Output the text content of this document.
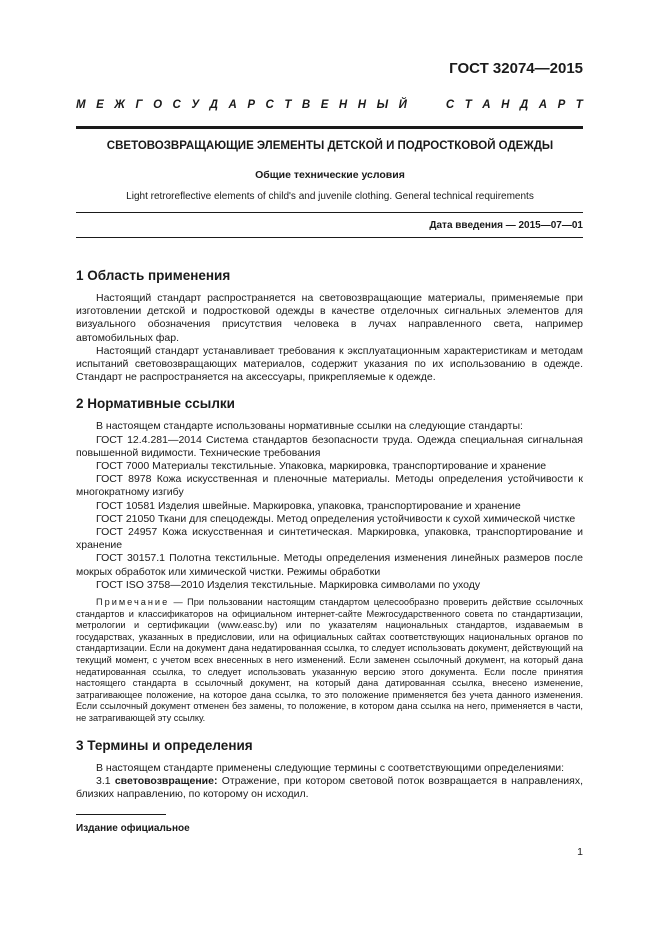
ГОСТ 32074—2015
М Е Ж Г О С У Д А Р С Т В Е Н Н Ы Й	С Т А Н Д А Р Т
СВЕТОВОЗВРАЩАЮЩИЕ ЭЛЕМЕНТЫ ДЕТСКОЙ И ПОДРОСТКОВОЙ ОДЕЖДЫ
Общие технические условия
Light retroreflective elements of child's and juvenile clothing. General technical requirements
Дата введения — 2015—07—01
1 Область применения

Настоящий стандарт распространяется на световозвращающие материалы, применяемые при изготовлении детской и подростковой одежды в качестве отделочных сигнальных элементов для визуального обозначения присутствия человека в лучах направленного света, например автомобильных фар.

Настоящий стандарт устанавливает требования к эксплуатационным характеристикам и методам испытаний световозвращающих материалов, содержит указания по их использованию в одежде. Стандарт не распространяется на аксессуары, прикрепляемые к одежде.

2 Нормативные ссылки

В настоящем стандарте использованы нормативные ссылки на следующие стандарты:

ГОСТ 12.4.281—2014 Система стандартов безопасности труда. Одежда специальная сигнальная повышенной видимости. Технические требования

ГОСТ 7000 Материалы текстильные. Упаковка, маркировка, транспортирование и хранение

ГОСТ 8978 Кожа искусственная и пленочные материалы. Методы определения устойчивости к многократному изгибу

ГОСТ 10581 Изделия швейные. Маркировка, упаковка, транспортирование и хранение

ГОСТ 21050 Ткани для спецодежды. Метод определения устойчивости к сухой химической чистке

ГОСТ 24957 Кожа искусственная и синтетическая. Маркировка, упаковка, транспортирование и хранение

ГОСТ 30157.1 Полотна текстильные. Методы определения изменения линейных размеров после мокрых обработок или химической чистки. Режимы обработки

ГОСТ ISO 3758—2010 Изделия текстильные. Маркировка символами по уходу

Примечание — При пользовании настоящим стандартом целесообразно проверить действие ссылочных стандартов и классификаторов на официальном интернет-сайте Межгосударственного совета по стандартизации, метрологии и сертификации (www.easc.by) или по указателям национальных стандартов, издаваемым в государствах, указанных в предисловии, или на официальных сайтах соответствующих национальных органов по стандартизации. Если на документ дана недатированная ссылка, то следует использовать документ, действующий на текущий момент, с учетом всех внесенных в него изменений. Если заменен ссылочный документ, на который дана недатированная ссылка, то следует использовать указанную версию этого документа. Если после принятия настоящего стандарта в ссылочный документ, на который дана датированная ссылка, внесено изменение, затрагивающее положение, на которое дана ссылка, то это положение применяется без учета данного изменения. Если ссылочный документ отменен без замены, то положение, в котором дана ссылка на него, применяется в части, не затрагивающей эту ссылку.

3 Термины и определения

В настоящем стандарте применены следующие термины с соответствующими определениями:

3.1 световозвращение: Отражение, при котором световой поток возвращается в направлениях, близких направлению, по которому он исходил.

Издание официальное
1
